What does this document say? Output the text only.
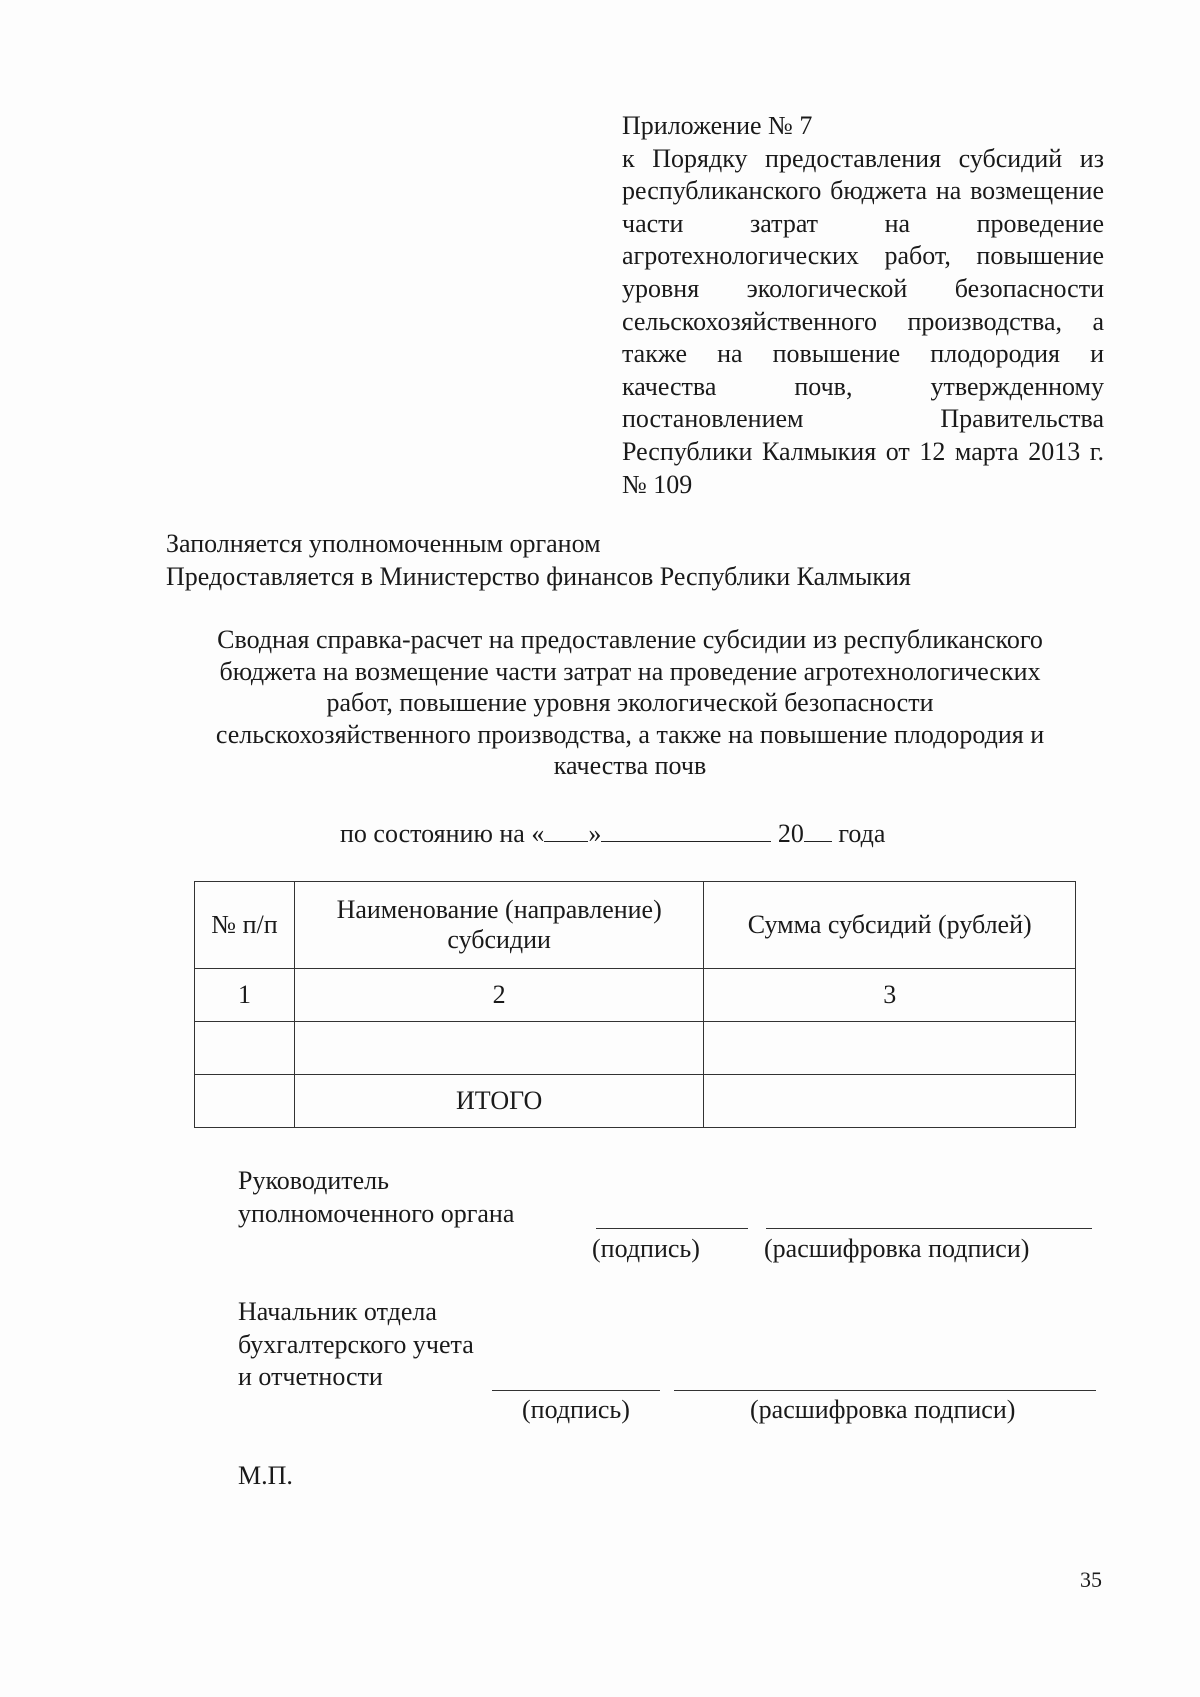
Приложение № 7
к Порядку предоставления субсидий из республиканского бюджета на возмещение части затрат на проведение агротехнологических работ, повышение уровня экологической безопасности сельскохозяйственного производства, а также на повышение плодородия и качества почв, утвержденному постановлением Правительства Республики Калмыкия от 12 марта 2013 г. № 109
Заполняется уполномоченным органом
Предоставляется в Министерство финансов Республики Калмыкия
Сводная справка-расчет на предоставление субсидии из республиканского
бюджета на возмещение части затрат на проведение агротехнологических
работ, повышение уровня экологической безопасности
сельскохозяйственного производства, а также на повышение плодородия и
качества почв
по состоянию на « »	20 года
№ п/п	Наименование (направление) субсидии	Сумма субсидий (рублей)
1	2	3

	ИТОГО	
Руководитель
уполномоченного органа
(подпись) (расшифровка подписи)
Начальник отдела
бухгалтерского учета
и отчетности
(подпись)	(расшифровка подписи)
М.П.
35
